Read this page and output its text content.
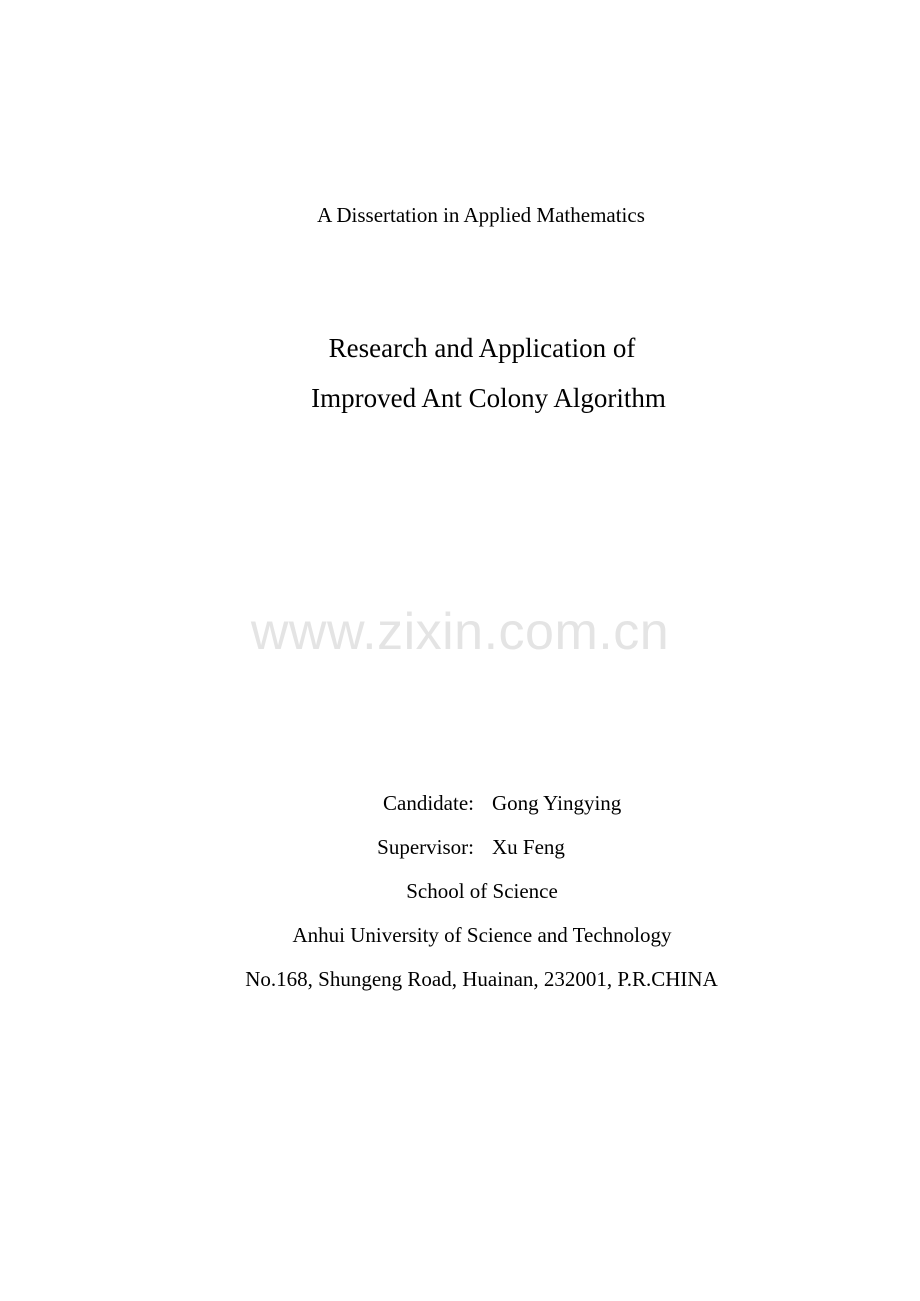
A Dissertation in Applied Mathematics
Research and Application of
Improved Ant Colony Algorithm
www.zixin.com.cn
Candidate: Gong Yingying
Supervisor: Xu Feng
School of Science
Anhui University of Science and Technology
No.168, Shungeng Road, Huainan, 232001, P.R.CHINA
